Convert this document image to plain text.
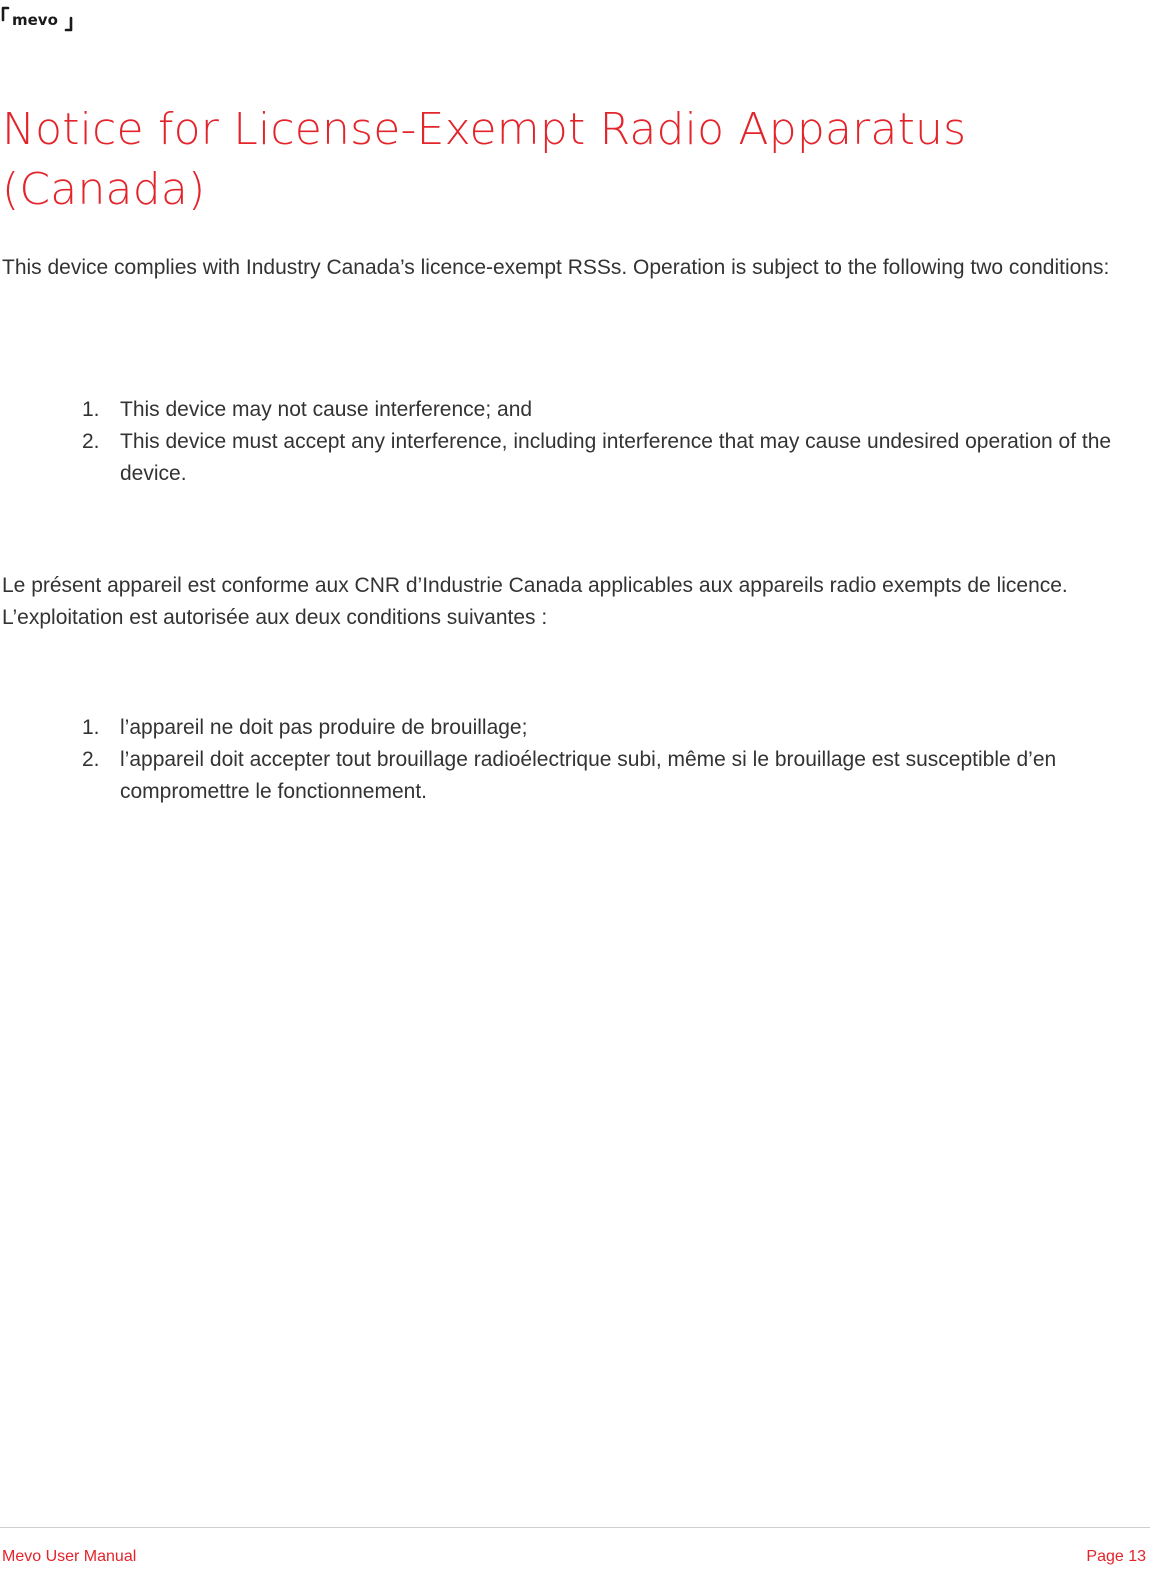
mevo
Notice for License-Exempt Radio Apparatus (Canada)

This device complies with Industry Canada’s licence-exempt RSSs. Operation is subject to the following two conditions:

1. This device may not cause interference; and
2. This device must accept any interference, including interference that may cause undesired operation of the device.

Le présent appareil est conforme aux CNR d’Industrie Canada applicables aux appareils radio exempts de licence. L’exploitation est autorisée aux deux conditions suivantes :

1. l’appareil ne doit pas produire de brouillage;
2. l’appareil doit accepter tout brouillage radioélectrique subi, même si le brouillage est susceptible d’en compromettre le fonctionnement.
Mevo User Manual	Page 13
